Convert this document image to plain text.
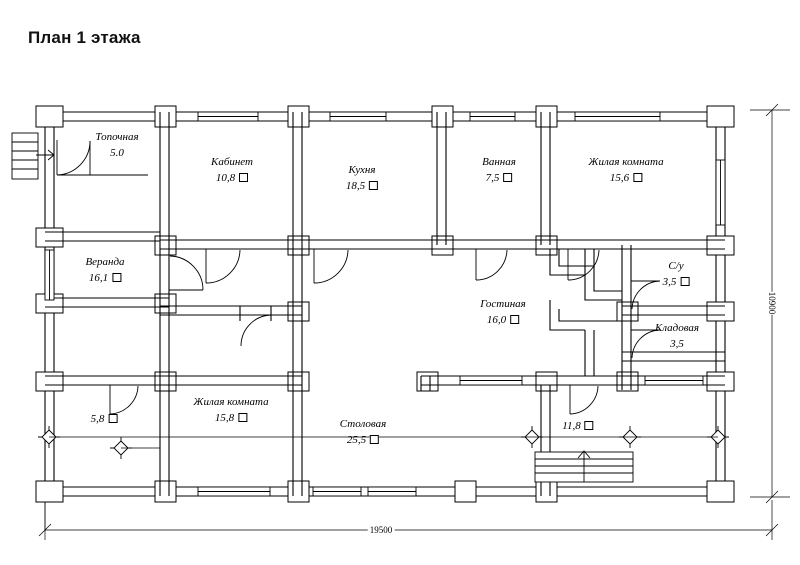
План 1 этажа
Топочная
5.0
Кабинет
10,8
Кухня
18,5
Ванная
7,5
Жилая комната
15,6
Веранда
16,1
С/у
3,5
Гостиная
16,0
Кладовая
3,5
5,8
Жилая комната
15,8	Столовая
25,5
11,8
19500
10900
